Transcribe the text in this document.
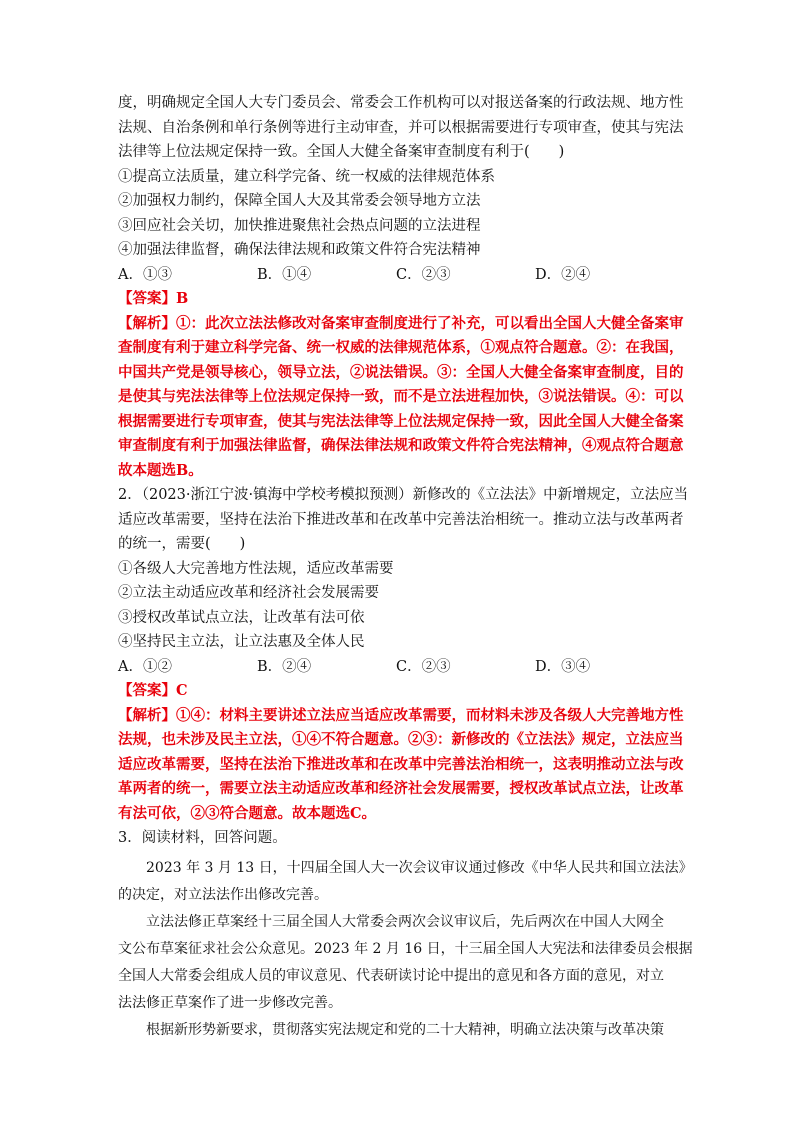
度，明确规定全国人大专门委员会、常委会工作机构可以对报送备案的行政法规、地方性
法规、自治条例和单行条例等进行主动审查，并可以根据需要进行专项审查，使其与宪法
法律等上位法规定保持一致。全国人大健全备案审查制度有利于(　　)
①提高立法质量，建立科学完备、统一权威的法律规范体系
②加强权力制约，保障全国人大及其常委会领导地方立法
③回应社会关切，加快推进聚焦社会热点问题的立法进程
④加强法律监督，确保法律法规和政策文件符合宪法精神
A．①③	B．①④	C．②③	D．②④
【答案】B
【解析】①：此次立法法修改对备案审查制度进行了补充，可以看出全国人大健全备案审
查制度有利于建立科学完备、统一权威的法律规范体系，①观点符合题意。②：在我国，
中国共产党是领导核心，领导立法，②说法错误。③：全国人大健全备案审查制度，目的
是使其与宪法法律等上位法规定保持一致，而不是立法进程加快，③说法错误。④：可以
根据需要进行专项审查，使其与宪法法律等上位法规定保持一致，因此全国人大健全备案
审查制度有利于加强法律监督，确保法律法规和政策文件符合宪法精神，④观点符合题意
故本题选B。
2．（2023·浙江宁波·镇海中学校考模拟预测）新修改的《立法法》中新增规定，立法应当
适应改革需要，坚持在法治下推进改革和在改革中完善法治相统一。推动立法与改革两者
的统一，需要(　　)
①各级人大完善地方性法规，适应改革需要
②立法主动适应改革和经济社会发展需要
③授权改革试点立法，让改革有法可依
④坚持民主立法，让立法惠及全体人民
A．①②	B．②④	C．②③	D．③④
【答案】C
【解析】①④：材料主要讲述立法应当适应改革需要，而材料未涉及各级人大完善地方性
法规，也未涉及民主立法，①④不符合题意。②③：新修改的《立法法》规定，立法应当
适应改革需要，坚持在法治下推进改革和在改革中完善法治相统一，这表明推动立法与改
革两者的统一，需要立法主动适应改革和经济社会发展需要，授权改革试点立法，让改革
有法可依，②③符合题意。故本题选C。
3．阅读材料，回答问题。
2023 年 3 月 13 日，十四届全国人大一次会议审议通过修改《中华人民共和国立法法》
的决定，对立法法作出修改完善。
立法法修正草案经十三届全国人大常委会两次会议审议后，先后两次在中国人大网全
文公布草案征求社会公众意见。2023 年 2 月 16 日，十三届全国人大宪法和法律委员会根据
全国人大常委会组成人员的审议意见、代表研读讨论中提出的意见和各方面的意见，对立
法法修正草案作了进一步修改完善。
根据新形势新要求，贯彻落实宪法规定和党的二十大精神，明确立法决策与改革决策
